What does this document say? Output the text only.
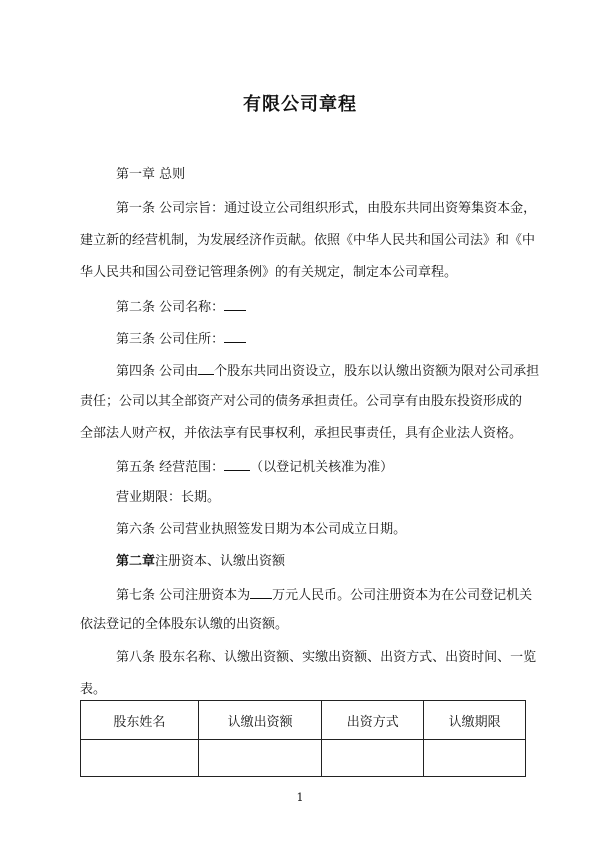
有限公司章程
第一章 总则
第一条 公司宗旨：通过设立公司组织形式，由股东共同出资筹集资本金，
建立新的经营机制，为发展经济作贡献。依照《中华人民共和国公司法》和《中
华人民共和国公司登记管理条例》的有关规定，制定本公司章程。
第二条 公司名称：
第三条 公司住所：
第四条 公司由 个股东共同出资设立，股东以认缴出资额为限对公司承担
责任；公司以其全部资产对公司的债务承担责任。公司享有由股东投资形成的
全部法人财产权，并依法享有民事权利，承担民事责任，具有企业法人资格。
第五条 经营范围： （以登记机关核准为准）
营业期限：长期。
第六条 公司营业执照签发日期为本公司成立日期。
第二章注册资本、认缴出资额
第七条 公司注册资本为 万元人民币。公司注册资本为在公司登记机关
依法登记的全体股东认缴的出资额。
第八条 股东名称、认缴出资额、实缴出资额、出资方式、出资时间、一览
表。
股东姓名	认缴出资额	出资方式	认缴期限

1
